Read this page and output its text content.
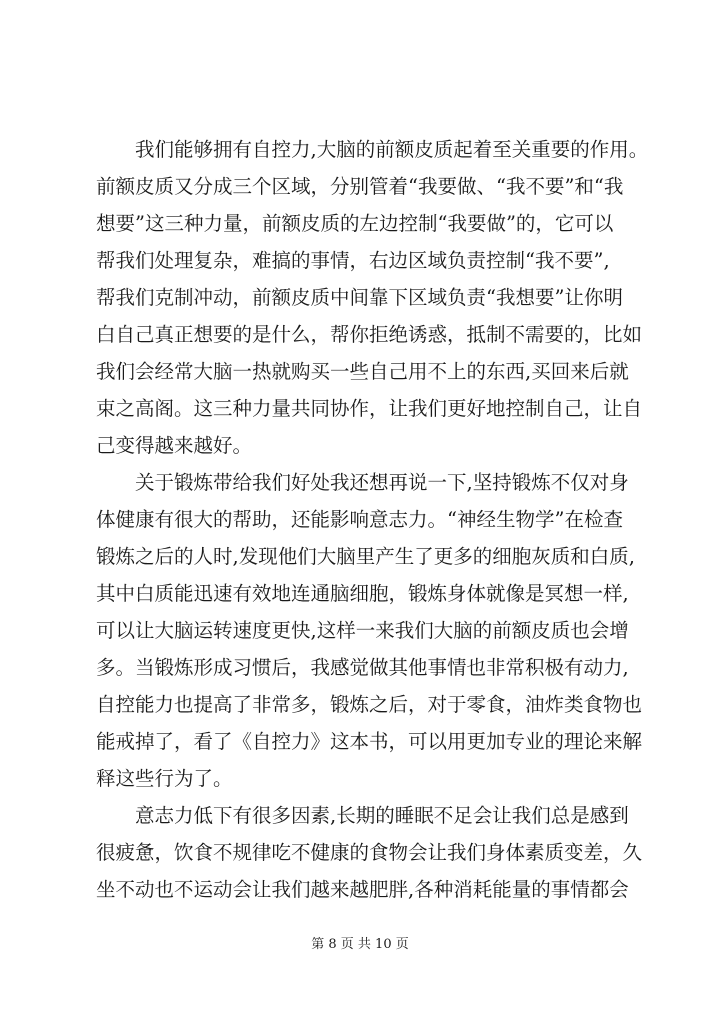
我们能够拥有自控力,大脑的前额皮质起着至关重要的作用。
前额皮质又分成三个区域，分别管着“我要做、“我不要”和“我
想要”这三种力量，前额皮质的左边控制“我要做”的，它可以
帮我们处理复杂，难搞的事情，右边区域负责控制“我不要”,
帮我们克制冲动，前额皮质中间靠下区域负责“我想要”让你明
白自己真正想要的是什么，帮你拒绝诱惑，抵制不需要的，比如
我们会经常大脑一热就购买一些自己用不上的东西,买回来后就
束之高阁。这三种力量共同协作，让我们更好地控制自己，让自
己变得越来越好。
关于锻炼带给我们好处我还想再说一下,坚持锻炼不仅对身
体健康有很大的帮助，还能影响意志力。“神经生物学”在检查
锻炼之后的人时,发现他们大脑里产生了更多的细胞灰质和白质,
其中白质能迅速有效地连通脑细胞，锻炼身体就像是冥想一样,
可以让大脑运转速度更快,这样一来我们大脑的前额皮质也会增
多。当锻炼形成习惯后，我感觉做其他事情也非常积极有动力,
自控能力也提高了非常多，锻炼之后，对于零食，油炸类食物也
能戒掉了，看了《自控力》这本书，可以用更加专业的理论来解
释这些行为了。
意志力低下有很多因素,长期的睡眠不足会让我们总是感到
很疲惫，饮食不规律吃不健康的食物会让我们身体素质变差，久
坐不动也不运动会让我们越来越肥胖,各种消耗能量的事情都会
第 8 页 共 10 页
